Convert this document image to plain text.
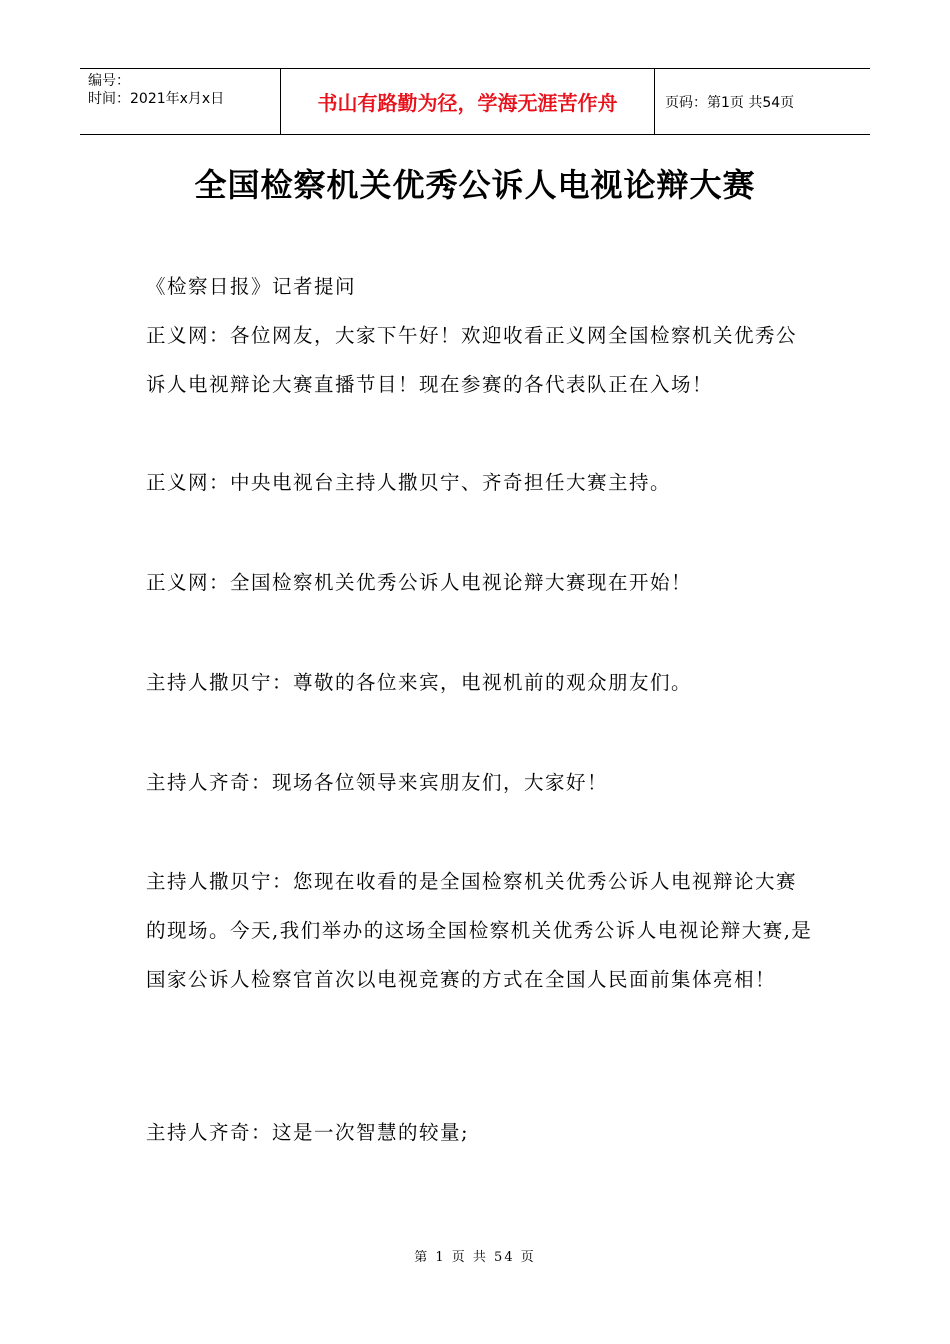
编号：
时间：2021年x月x日	书山有路勤为径，学海无涯苦作舟	页码：第1页 共54页
全国检察机关优秀公诉人电视论辩大赛

《检察日报》记者提问

正义网：各位网友，大家下午好！欢迎收看正义网全国检察机关优秀公诉人电视辩论大赛直播节目！现在参赛的各代表队正在入场！

正义网：中央电视台主持人撒贝宁、齐奇担任大赛主持。

正义网：全国检察机关优秀公诉人电视论辩大赛现在开始！

主持人撒贝宁：尊敬的各位来宾，电视机前的观众朋友们。

主持人齐奇：现场各位领导来宾朋友们，大家好！

主持人撒贝宁：您现在收看的是全国检察机关优秀公诉人电视辩论大赛的现场。今天,我们举办的这场全国检察机关优秀公诉人电视论辩大赛,是国家公诉人检察官首次以电视竞赛的方式在全国人民面前集体亮相！

主持人齐奇：这是一次智慧的较量;

第 1 页 共 54 页
